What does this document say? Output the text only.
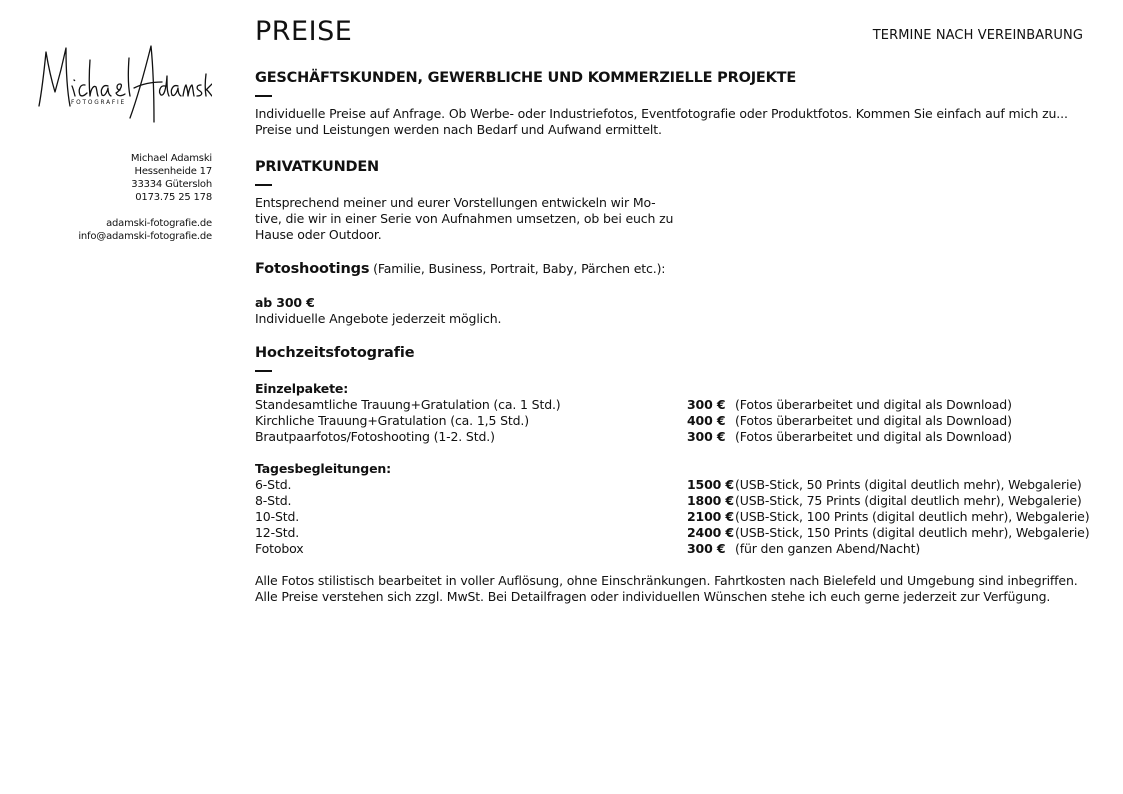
FOTOGRAFIE
Michael Adamski
Hessenheide 17
33334 Gütersloh
0173.75 25 178
adamski-fotografie.de
info@adamski-fotografie.de
PREISE	TERMINE NACH VEREINBARUNG
GESCHÄFTSKUNDEN, GEWERBLICHE UND KOMMERZIELLE PROJEKTE

Individuelle Preise auf Anfrage. Ob Werbe- oder Industriefotos, Eventfotografie oder Produktfotos. Kommen Sie einfach auf mich zu...
Preise und Leistungen werden nach Bedarf und Aufwand ermittelt.

PRIVATKUNDEN

Entsprechend meiner und eurer Vorstellungen entwickeln wir Mo-
tive, die wir in einer Serie von Aufnahmen umsetzen, ob bei euch zu
Hause oder Outdoor.

Fotoshootings (Familie, Business, Portrait, Baby, Pärchen etc.):
ab 300 €
Individuelle Angebote jederzeit möglich.
Hochzeitsfotografie
Einzelpakete:
Standesamtliche Trauung+Gratulation (ca. 1 Std.)	300 € (Fotos überarbeitet und digital als Download)
Kirchliche Trauung+Gratulation (ca. 1,5 Std.)	400 € (Fotos überarbeitet und digital als Download)
Brautpaarfotos/Fotoshooting (1-2. Std.)	300 € (Fotos überarbeitet und digital als Download)
Tagesbegleitungen:
6-Std.	1500 € (USB-Stick, 50 Prints (digital deutlich mehr), Webgalerie)
8-Std.	1800 € (USB-Stick, 75 Prints (digital deutlich mehr), Webgalerie)
10-Std.	2100 € (USB-Stick, 100 Prints (digital deutlich mehr), Webgalerie)
12-Std.	2400 € (USB-Stick, 150 Prints (digital deutlich mehr), Webgalerie)
Fotobox	300 € (für den ganzen Abend/Nacht)

Alle Fotos stilistisch bearbeitet in voller Auflösung, ohne Einschränkungen. Fahrtkosten nach Bielefeld und Umgebung sind inbegriffen.
Alle Preise verstehen sich zzgl. MwSt. Bei Detailfragen oder individuellen Wünschen stehe ich euch gerne jederzeit zur Verfügung.
